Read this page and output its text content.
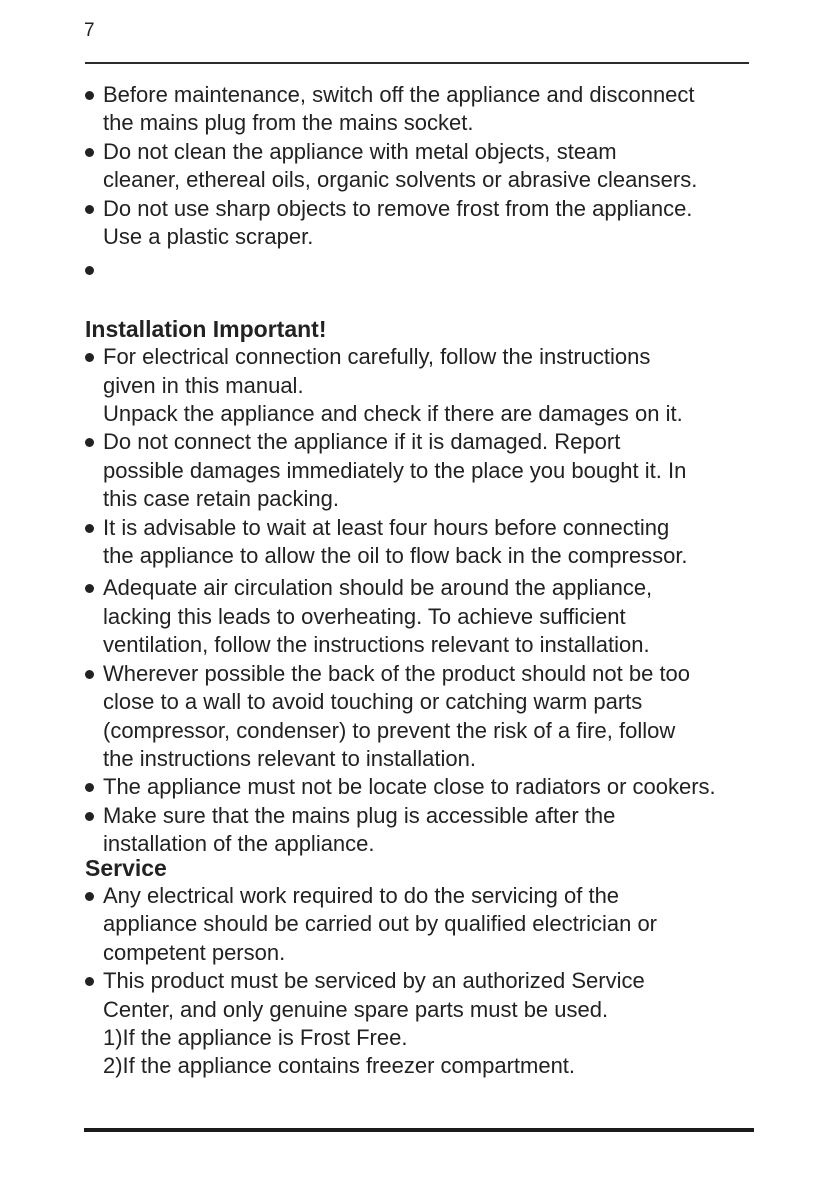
7
Before maintenance, switch off the appliance and disconnect
the mains plug from the mains socket.
Do not clean the appliance with metal objects, steam
cleaner, ethereal oils, organic solvents or abrasive cleansers.
Do not use sharp objects to remove frost from the appliance.
Use a plastic scraper.
Installation Important!
For electrical connection carefully, follow the instructions
given in this manual.
Unpack the appliance and check if there are damages on it.
Do not connect the appliance if it is damaged. Report
possible damages immediately to the place you bought it. In
this case retain packing.
It is advisable to wait at least four hours before connecting
the appliance to allow the oil to flow back in the compressor.
Adequate air circulation should be around the appliance,
lacking this leads to overheating. To achieve sufficient
ventilation, follow the instructions relevant to installation.
Wherever possible the back of the product should not be too
close to a wall to avoid touching or catching warm parts
(compressor, condenser) to prevent the risk of a fire, follow
the instructions relevant to installation.
The appliance must not be locate close to radiators or cookers.
Make sure that the mains plug is accessible after the
installation of the appliance.
Service
Any electrical work required to do the servicing of the
appliance should be carried out by qualified electrician or
competent person.
This product must be serviced by an authorized Service
Center, and only genuine spare parts must be used.
1)If the appliance is Frost Free.
2)If the appliance contains freezer compartment.
